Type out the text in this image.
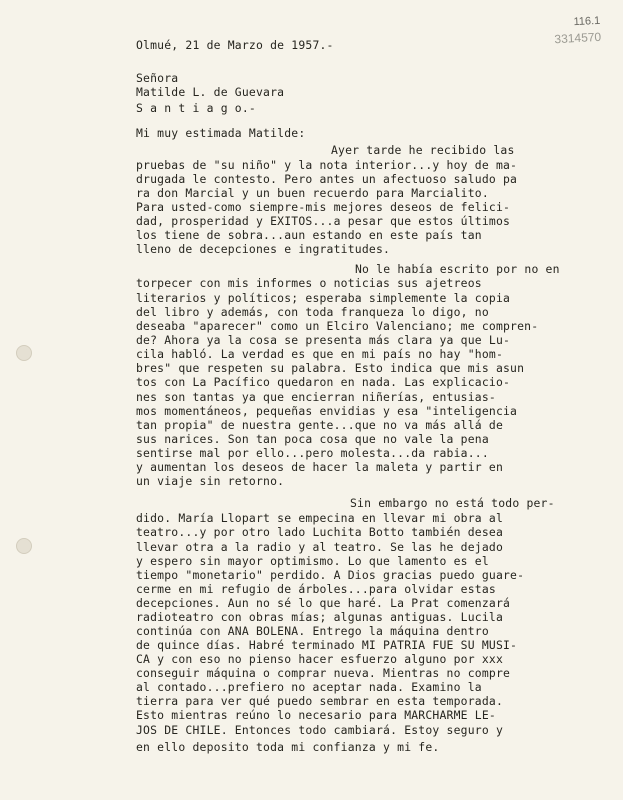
116.1
3314570
Olmué, 21 de Marzo de 1957.-
Señora
Matilde L. de Guevara
S a n t i a g o.-
Mi muy estimada Matilde:
Ayer tarde he recibido las
pruebas de "su niño" y la nota interior...y hoy de ma-
drugada le contesto. Pero antes un afectuoso saludo pa
ra don Marcial y un buen recuerdo para Marcialito.
Para usted-como siempre-mis mejores deseos de felici-
dad, prosperidad y EXITOS...a pesar que estos últimos
los tiene de sobra...aun estando en este país tan
lleno de decepciones e ingratitudes.
No le había escrito por no en
torpecer con mis informes o noticias sus ajetreos
literarios y políticos; esperaba simplemente la copia
del libro y además, con toda franqueza lo digo, no
deseaba "aparecer" como un Elciro Valenciano; me compren-
de? Ahora ya la cosa se presenta más clara ya que Lu-
cila habló. La verdad es que en mi país no hay "hom-
bres" que respeten su palabra. Esto indica que mis asun
tos con La Pacífico quedaron en nada. Las explicacio-
nes son tantas ya que encierran niñerías, entusias-
mos momentáneos, pequeñas envidias y esa "inteligencia
tan propia" de nuestra gente...que no va más allá de
sus narices. Son tan poca cosa que no vale la pena
sentirse mal por ello...pero molesta...da rabia...
y aumentan los deseos de hacer la maleta y partir en
un viaje sin retorno.
Sin embargo no está todo per-
dido. María Llopart se empecina en llevar mi obra al
teatro...y por otro lado Luchita Botto también desea
llevar otra a la radio y al teatro. Se las he dejado
y espero sin mayor optimismo. Lo que lamento es el
tiempo "monetario" perdido. A Dios gracias puedo guare-
cerme en mi refugio de árboles...para olvidar estas
decepciones. Aun no sé lo que haré. La Prat comenzará
radioteatro con obras mías; algunas antiguas. Lucila
continúa con ANA BOLENA. Entrego la máquina dentro
de quince días. Habré terminado MI PATRIA FUE SU MUSI-
CA y con eso no pienso hacer esfuerzo alguno por xxx
conseguir máquina o comprar nueva. Mientras no compre
al contado...prefiero no aceptar nada. Examino la
tierra para ver qué puedo sembrar en esta temporada.
Esto mientras reúno lo necesario para MARCHARME LE-
JOS DE CHILE. Entonces todo cambiará. Estoy seguro y
en ello deposito toda mi confianza y mi fe.
